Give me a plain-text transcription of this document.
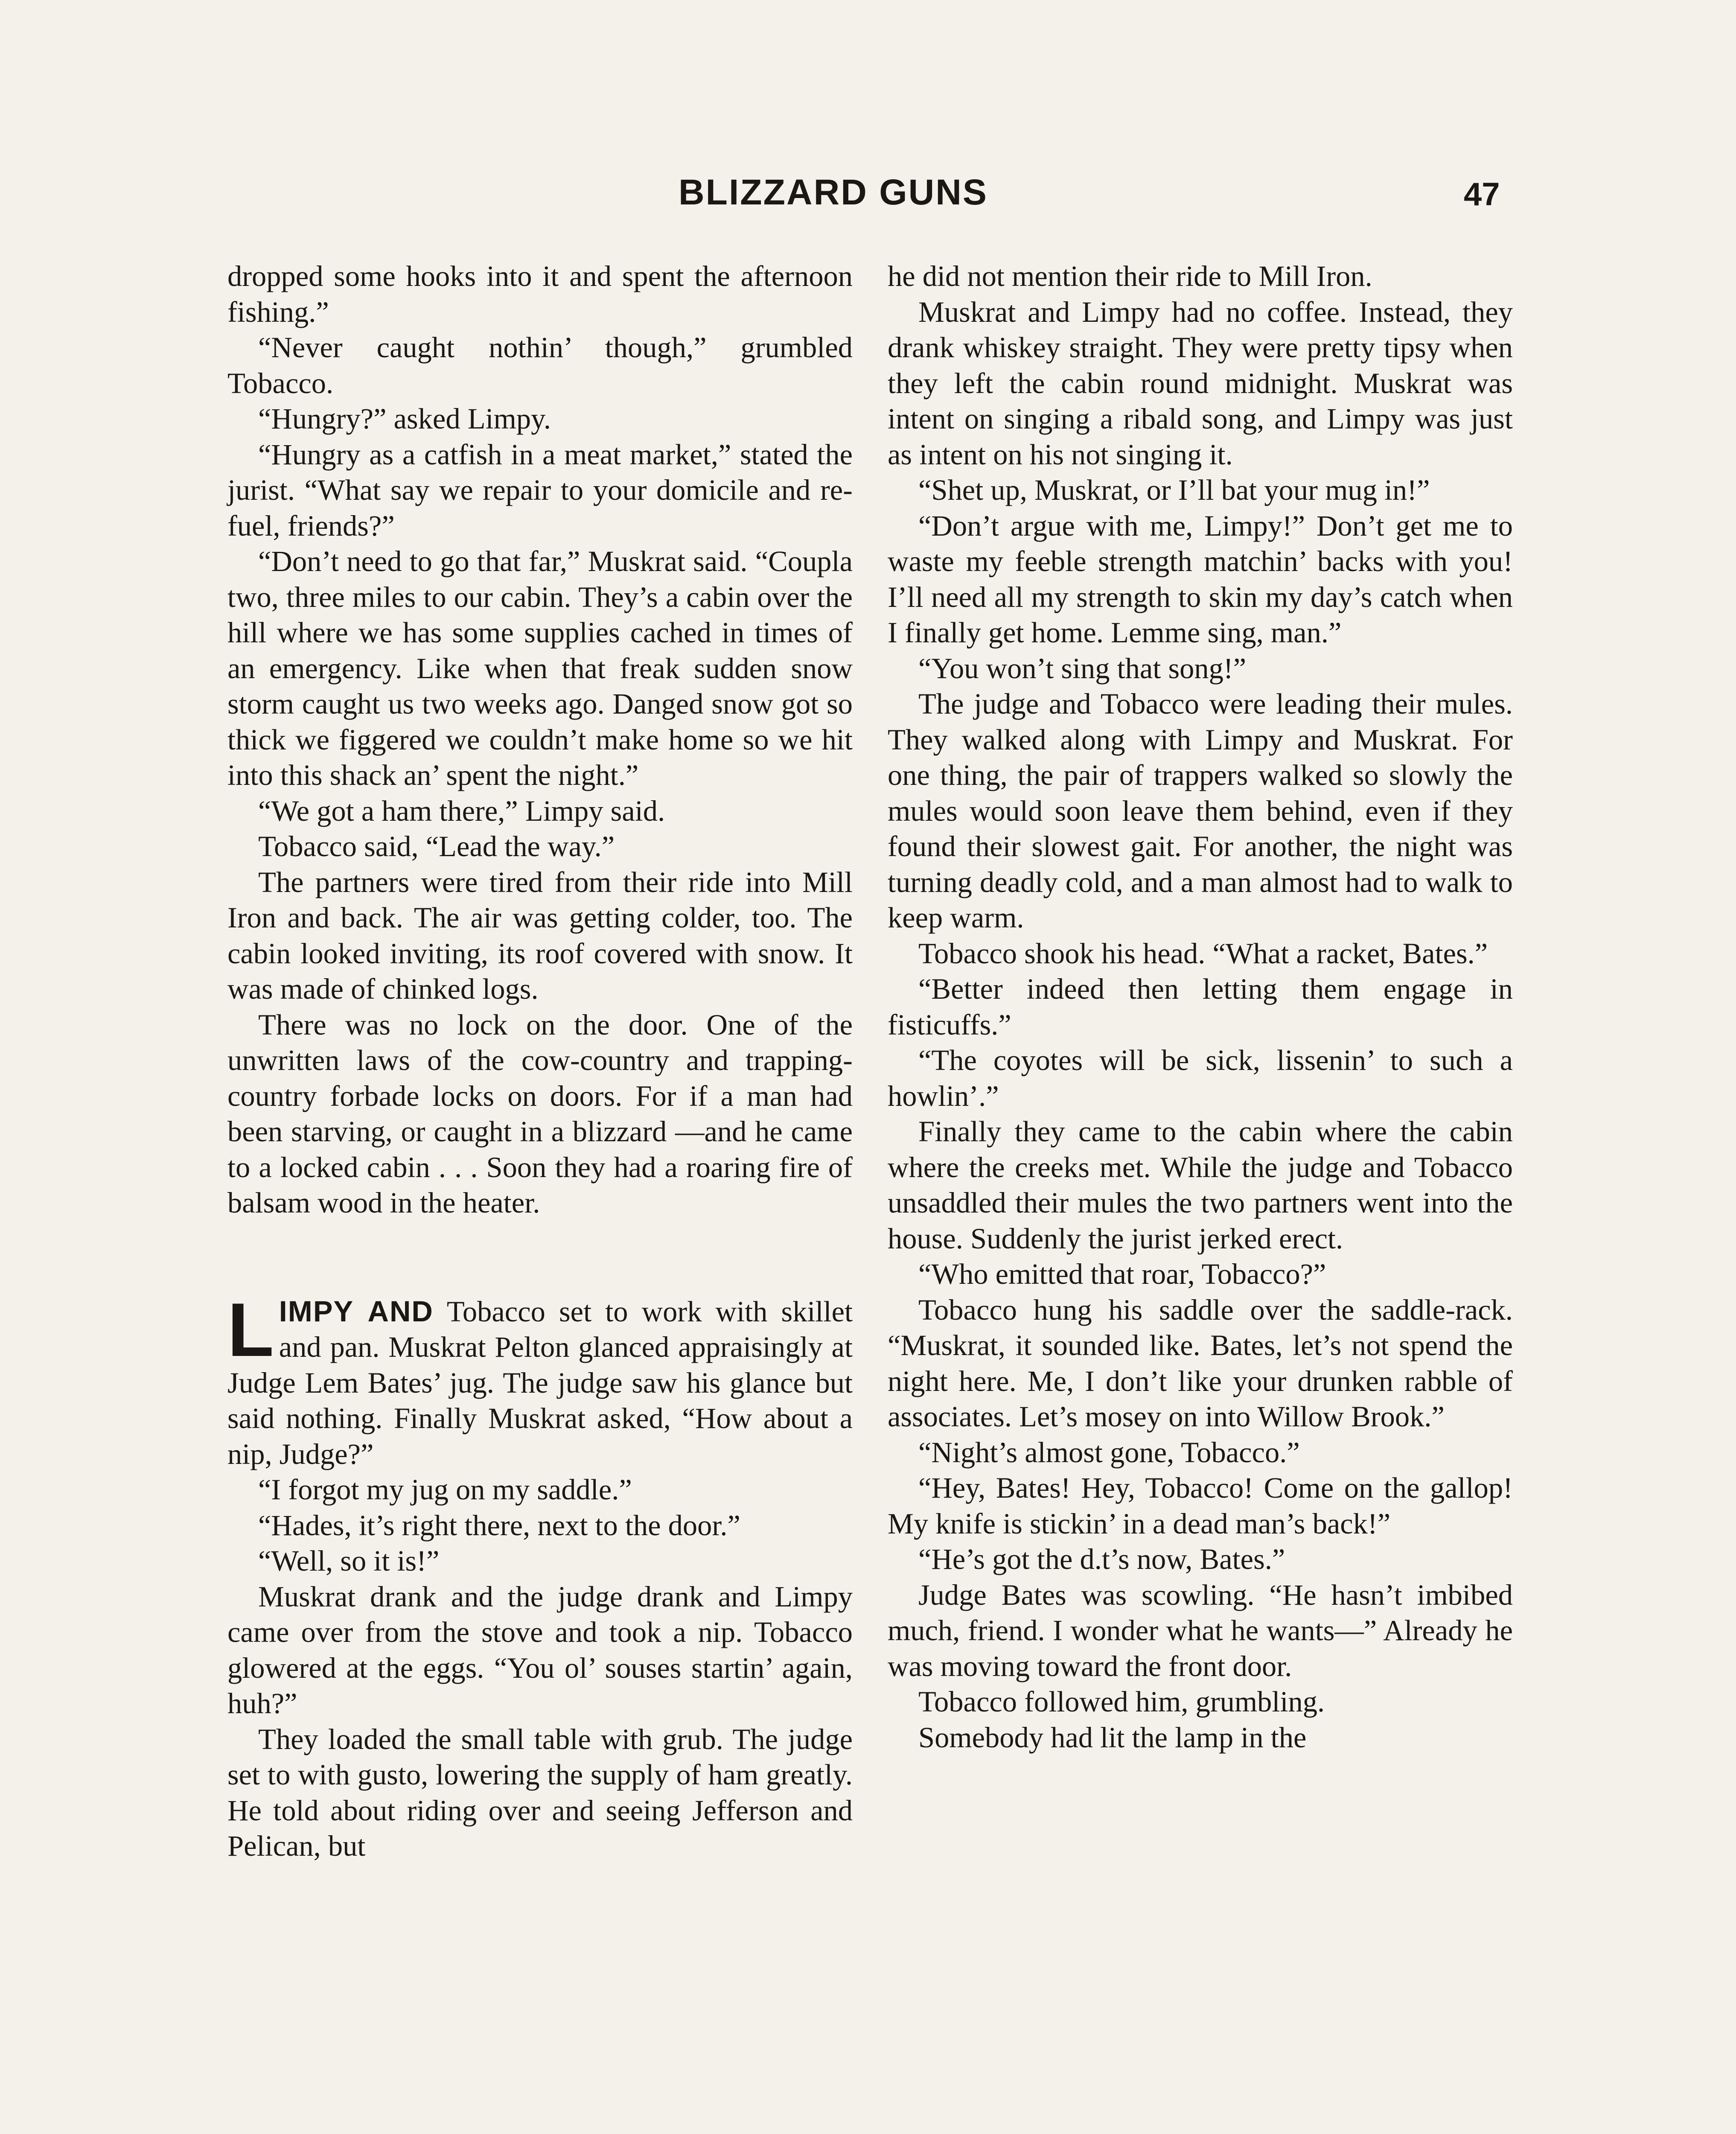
BLIZZARD GUNS	47

dropped some hooks into it and spent the afternoon fishing.”

“Never caught nothin’ though,” grumbled Tobacco.

“Hungry?” asked Limpy.

“Hungry as a catfish in a meat market,” stated the jurist. “What say we repair to your domicile and re-fuel, friends?”

“Don’t need to go that far,” Muskrat said. “Coupla two, three miles to our cabin. They’s a cabin over the hill where we has some supplies cached in times of an emergency. Like when that freak sudden snow storm caught us two weeks ago. Danged snow got so thick we figgered we couldn’t make home so we hit into this shack an’ spent the night.”

“We got a ham there,” Limpy said.

Tobacco said, “Lead the way.”

The partners were tired from their ride into Mill Iron and back. The air was getting colder, too. The cabin looked inviting, its roof covered with snow. It was made of chinked logs.

There was no lock on the door. One of the unwritten laws of the cow-country and trapping-country forbade locks on doors. For if a man had been starving, or caught in a blizzard —and he came to a locked cabin . . . Soon they had a roaring fire of balsam wood in the heater.

LIMPY AND Tobacco set to work with skillet and pan. Muskrat Pelton glanced appraisingly at Judge Lem Bates’ jug. The judge saw his glance but said nothing. Finally Muskrat asked, “How about a nip, Judge?”

“I forgot my jug on my saddle.”

“Hades, it’s right there, next to the door.”

“Well, so it is!”

Muskrat drank and the judge drank and Limpy came over from the stove and took a nip. Tobacco glowered at the eggs. “You ol’ souses startin’ again, huh?”

They loaded the small table with grub. The judge set to with gusto, lowering the supply of ham greatly. He told about riding over and seeing Jefferson and Pelican, but

he did not mention their ride to Mill Iron.

Muskrat and Limpy had no coffee. Instead, they drank whiskey straight. They were pretty tipsy when they left the cabin round midnight. Muskrat was intent on singing a ribald song, and Limpy was just as intent on his not singing it.

“Shet up, Muskrat, or I’ll bat your mug in!”

“Don’t argue with me, Limpy!” Don’t get me to waste my feeble strength matchin’ backs with you! I’ll need all my strength to skin my day’s catch when I finally get home. Lemme sing, man.”

“You won’t sing that song!”

The judge and Tobacco were leading their mules. They walked along with Limpy and Muskrat. For one thing, the pair of trappers walked so slowly the mules would soon leave them behind, even if they found their slowest gait. For another, the night was turning deadly cold, and a man almost had to walk to keep warm.

Tobacco shook his head. “What a racket, Bates.”

“Better indeed then letting them engage in fisticuffs.”

“The coyotes will be sick, lissenin’ to such a howlin’.”

Finally they came to the cabin where the cabin where the creeks met. While the judge and Tobacco unsaddled their mules the two partners went into the house. Suddenly the jurist jerked erect.

“Who emitted that roar, Tobacco?”

Tobacco hung his saddle over the saddle-rack. “Muskrat, it sounded like. Bates, let’s not spend the night here. Me, I don’t like your drunken rabble of associates. Let’s mosey on into Willow Brook.”

“Night’s almost gone, Tobacco.”

“Hey, Bates! Hey, Tobacco! Come on the gallop! My knife is stickin’ in a dead man’s back!”

“He’s got the d.t’s now, Bates.”

Judge Bates was scowling. “He hasn’t imbibed much, friend. I wonder what he wants—” Already he was moving toward the front door.

Tobacco followed him, grumbling.

Somebody had lit the lamp in the
